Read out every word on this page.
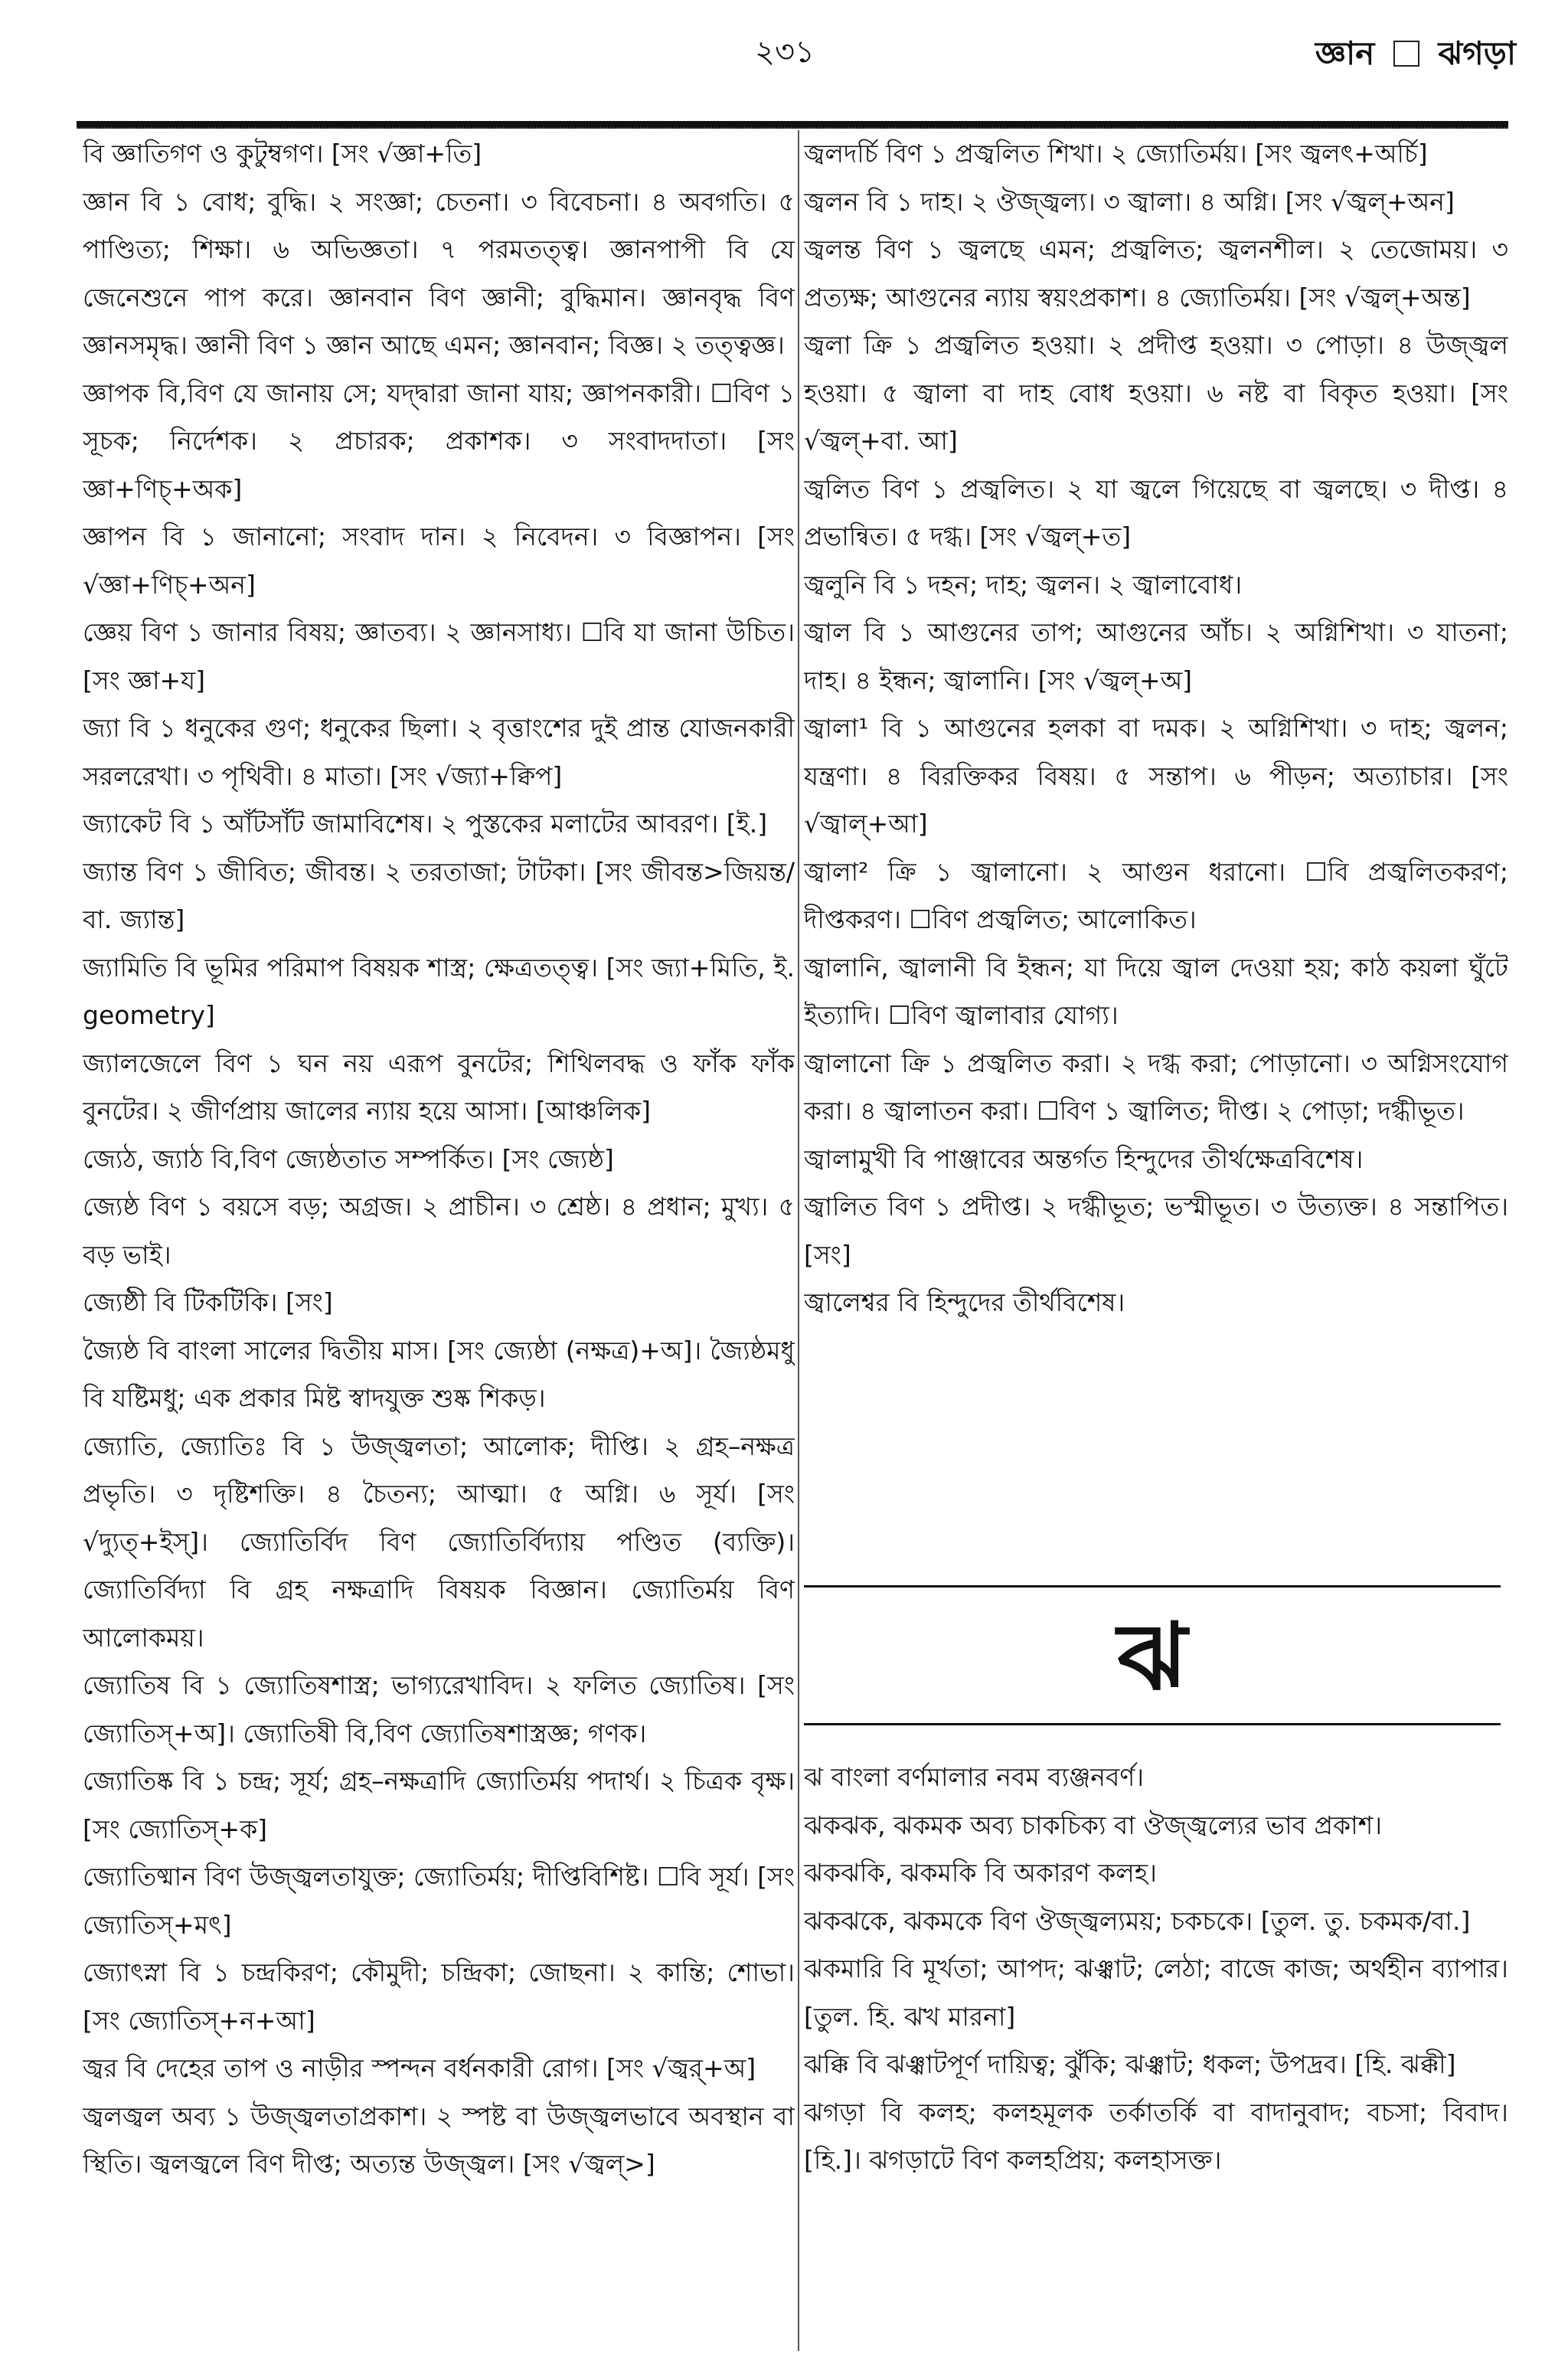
২৩১	জ্ঞান ঝগড়া

বি জ্ঞাতিগণ ও কুটুম্বগণ। [সং √জ্ঞা+তি]

জ্ঞান বি ১ বোধ; বুদ্ধি। ২ সংজ্ঞা; চেতনা। ৩ বিবেচনা। ৪ অবগতি। ৫ পাণ্ডিত্য; শিক্ষা। ৬ অভিজ্ঞতা। ৭ পরমতত্ত্ব। জ্ঞানপাপী বি যে জেনেশুনে পাপ করে। জ্ঞানবান বিণ জ্ঞানী; বুদ্ধিমান। জ্ঞানবৃদ্ধ বিণ জ্ঞানসমৃদ্ধ। জ্ঞানী বিণ ১ জ্ঞান আছে এমন; জ্ঞানবান; বিজ্ঞ। ২ তত্ত্বজ্ঞ।

জ্ঞাপক বি,বিণ যে জানায় সে; যদ্দ্বারা জানা যায়; জ্ঞাপনকারী। ☐বিণ ১ সূচক; নির্দেশক। ২ প্রচারক; প্রকাশক। ৩ সংবাদদাতা। [সং জ্ঞা+ণিচ্+অক]

জ্ঞাপন বি ১ জানানো; সংবাদ দান। ২ নিবেদন। ৩ বিজ্ঞাপন। [সং √জ্ঞা+ণিচ্+অন]

জ্ঞেয় বিণ ১ জানার বিষয়; জ্ঞাতব্য। ২ জ্ঞানসাধ্য। ☐বি যা জানা উচিত। [সং জ্ঞা+য]

জ্যা বি ১ ধনুকের গুণ; ধনুকের ছিলা। ২ বৃত্তাংশের দুই প্রান্ত যোজনকারী সরলরেখা। ৩ পৃথিবী। ৪ মাতা। [সং √জ্যা+ক্বিপ]

জ্যাকেট বি ১ আঁটসাঁট জামাবিশেষ। ২ পুস্তকের মলাটের আবরণ। [ই.]

জ্যান্ত বিণ ১ জীবিত; জীবন্ত। ২ তরতাজা; টাটকা। [সং জীবন্ত>জিয়ন্ত/বা. জ্যান্ত]

জ্যামিতি বি ভূমির পরিমাপ বিষয়ক শাস্ত্র; ক্ষেত্রতত্ত্ব। [সং জ্যা+মিতি, ই. geometry]

জ্যালজেলে বিণ ১ ঘন নয় এরূপ বুনটের; শিথিলবদ্ধ ও ফাঁক ফাঁক বুনটের। ২ জীর্ণপ্রায় জালের ন্যায় হয়ে আসা। [আঞ্চলিক]

জ্যেঠ, জ্যাঠ বি,বিণ জ্যেষ্ঠতাত সম্পর্কিত। [সং জ্যেষ্ঠ]

জ্যেষ্ঠ বিণ ১ বয়সে বড়; অগ্রজ। ২ প্রাচীন। ৩ শ্রেষ্ঠ। ৪ প্রধান; মুখ্য। ৫ বড় ভাই।

জ্যেষ্ঠী বি টিকটিকি। [সং]

জ্যৈষ্ঠ বি বাংলা সালের দ্বিতীয় মাস। [সং জ্যেষ্ঠা (নক্ষত্র)+অ]। জ্যৈষ্ঠমধু বি যষ্টিমধু; এক প্রকার মিষ্ট স্বাদযুক্ত শুষ্ক শিকড়।

জ্যোতি, জ্যোতিঃ বি ১ উজ্জ্বলতা; আলোক; দীপ্তি। ২ গ্রহ–নক্ষত্র প্রভৃতি। ৩ দৃষ্টিশক্তি। ৪ চৈতন্য; আত্মা। ৫ অগ্নি। ৬ সূর্য। [সং √দ্যুত্+ইস্]। জ্যোতির্বিদ বিণ জ্যোতির্বিদ্যায় পণ্ডিত (ব্যক্তি)। জ্যোতির্বিদ্যা বি গ্রহ নক্ষত্রাদি বিষয়ক বিজ্ঞান। জ্যোতির্ময় বিণ আলোকময়।

জ্যোতিষ বি ১ জ্যোতিষশাস্ত্র; ভাগ্যরেখাবিদ। ২ ফলিত জ্যোতিষ। [সং জ্যোতিস্+অ]। জ্যোতিষী বি,বিণ জ্যোতিষশাস্ত্রজ্ঞ; গণক।

জ্যোতিষ্ক বি ১ চন্দ্র; সূর্য; গ্রহ–নক্ষত্রাদি জ্যোতির্ময় পদার্থ। ২ চিত্রক বৃক্ষ। [সং জ্যোতিস্+ক]

জ্যোতিষ্মান বিণ উজ্জ্বলতাযুক্ত; জ্যোতির্ময়; দীপ্তিবিশিষ্ট। ☐বি সূর্য। [সং জ্যোতিস্+মৎ]

জ্যোৎস্না বি ১ চন্দ্রকিরণ; কৌমুদী; চন্দ্রিকা; জোছনা। ২ কান্তি; শোভা। [সং জ্যোতিস্+ন+আ]

জ্বর বি দেহের তাপ ও নাড়ীর স্পন্দন বর্ধনকারী রোগ। [সং √জ্বর্+অ]

জ্বলজ্বল অব্য ১ উজ্জ্বলতাপ্রকাশ। ২ স্পষ্ট বা উজ্জ্বলভাবে অবস্থান বা স্থিতি। জ্বলজ্বলে বিণ দীপ্ত; অত্যন্ত উজ্জ্বল। [সং √জ্বল্>]

জ্বলদর্চি বিণ ১ প্রজ্বলিত শিখা। ২ জ্যোতির্ময়। [সং জ্বলৎ+অর্চি]

জ্বলন বি ১ দাহ। ২ ঔজ্জ্বল্য। ৩ জ্বালা। ৪ অগ্নি। [সং √জ্বল্+অন]

জ্বলন্ত বিণ ১ জ্বলছে এমন; প্রজ্বলিত; জ্বলনশীল। ২ তেজোময়। ৩ প্রত্যক্ষ; আগুনের ন্যায় স্বয়ংপ্রকাশ। ৪ জ্যোতির্ময়। [সং √জ্বল্+অন্ত]

জ্বলা ক্রি ১ প্রজ্বলিত হওয়া। ২ প্রদীপ্ত হওয়া। ৩ পোড়া। ৪ উজ্জ্বল হওয়া। ৫ জ্বালা বা দাহ বোধ হওয়া। ৬ নষ্ট বা বিকৃত হওয়া। [সং √জ্বল্+বা. আ]

জ্বলিত বিণ ১ প্রজ্বলিত। ২ যা জ্বলে গিয়েছে বা জ্বলছে। ৩ দীপ্ত। ৪ প্রভান্বিত। ৫ দগ্ধ। [সং √জ্বল্+ত]

জ্বলুনি বি ১ দহন; দাহ; জ্বলন। ২ জ্বালাবোধ।

জ্বাল বি ১ আগুনের তাপ; আগুনের আঁচ। ২ অগ্নিশিখা। ৩ যাতনা; দাহ। ৪ ইন্ধন; জ্বালানি। [সং √জ্বল্+অ]

জ্বালা¹ বি ১ আগুনের হলকা বা দমক। ২ অগ্নিশিখা। ৩ দাহ; জ্বলন; যন্ত্রণা। ৪ বিরক্তিকর বিষয়। ৫ সন্তাপ। ৬ পীড়ন; অত্যাচার। [সং √জ্বাল্+আ]

জ্বালা² ক্রি ১ জ্বালানো। ২ আগুন ধরানো। ☐বি প্রজ্বলিতকরণ; দীপ্তকরণ। ☐বিণ প্রজ্বলিত; আলোকিত।

জ্বালানি, জ্বালানী বি ইন্ধন; যা দিয়ে জ্বাল দেওয়া হয়; কাঠ কয়লা ঘুঁটে ইত্যাদি। ☐বিণ জ্বালাবার যোগ্য।

জ্বালানো ক্রি ১ প্রজ্বলিত করা। ২ দগ্ধ করা; পোড়ানো। ৩ অগ্নিসংযোগ করা। ৪ জ্বালাতন করা। ☐বিণ ১ জ্বালিত; দীপ্ত। ২ পোড়া; দগ্ধীভূত।

জ্বালামুখী বি পাঞ্জাবের অন্তর্গত হিন্দুদের তীর্থক্ষেত্রবিশেষ।

জ্বালিত বিণ ১ প্রদীপ্ত। ২ দগ্ধীভূত; ভস্মীভূত। ৩ উত্যক্ত। ৪ সন্তাপিত। [সং]

জ্বালেশ্বর বি হিন্দুদের তীর্থবিশেষ।

ঝ

ঝ বাংলা বর্ণমালার নবম ব্যঞ্জনবর্ণ।

ঝকঝক, ঝকমক অব্য চাকচিক্য বা ঔজ্জ্বল্যের ভাব প্রকাশ।

ঝকঝকি, ঝকমকি বি অকারণ কলহ।

ঝকঝকে, ঝকমকে বিণ ঔজ্জ্বল্যময়; চকচকে। [তুল. তু. চকমক/বা.]

ঝকমারি বি মূর্খতা; আপদ; ঝঞ্ঝাট; লেঠা; বাজে কাজ; অর্থহীন ব্যাপার। [তুল. হি. ঝখ মারনা]

ঝক্কি বি ঝঞ্ঝাটপূর্ণ দায়িত্ব; ঝুঁকি; ঝঞ্ঝাট; ধকল; উপদ্রব। [হি. ঝক্কী]

ঝগড়া বি কলহ; কলহমূলক তর্কাতর্কি বা বাদানুবাদ; বচসা; বিবাদ। [হি.]। ঝগড়াটে বিণ কলহপ্রিয়; কলহাসক্ত।
